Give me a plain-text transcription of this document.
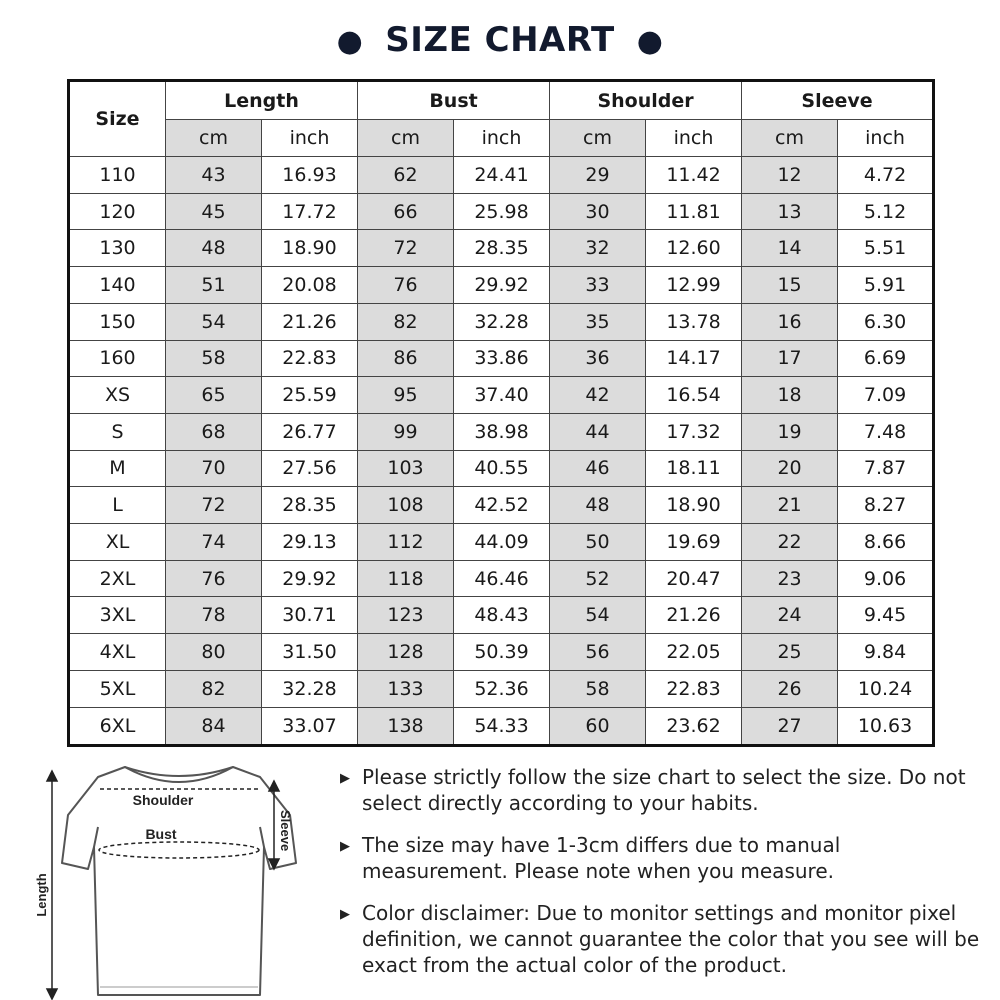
● SIZE CHART ●
Size	Length		Bust		Shoulder		Sleeve	
	cm	inch	cm	inch	cm	inch	cm	inch
110	43	16.93	62	24.41	29	11.42	12	4.72
120	45	17.72	66	25.98	30	11.81	13	5.12
130	48	18.90	72	28.35	32	12.60	14	5.51
140	51	20.08	76	29.92	33	12.99	15	5.91
150	54	21.26	82	32.28	35	13.78	16	6.30
160	58	22.83	86	33.86	36	14.17	17	6.69
XS	65	25.59	95	37.40	42	16.54	18	7.09
S	68	26.77	99	38.98	44	17.32	19	7.48
M	70	27.56	103	40.55	46	18.11	20	7.87
L	72	28.35	108	42.52	48	18.90	21	8.27
XL	74	29.13	112	44.09	50	19.69	22	8.66
2XL	76	29.92	118	46.46	52	20.47	23	9.06
3XL	78	30.71	123	48.43	54	21.26	24	9.45
4XL	80	31.50	128	50.39	56	22.05	25	9.84
5XL	82	32.28	133	52.36	58	22.83	26	10.24
6XL	84	33.07	138	54.33	60	23.62	27	10.63
Shoulder
Bust	Sleeve
Length
▶ Please strictly follow the size chart to select the size. Do not select directly according to your habits.
▶ The size may have 1-3cm differs due to manual measurement. Please note when you measure.
▶ Color disclaimer: Due to monitor settings and monitor pixel definition, we cannot guarantee the color that you see will be exact from the actual color of the product.
